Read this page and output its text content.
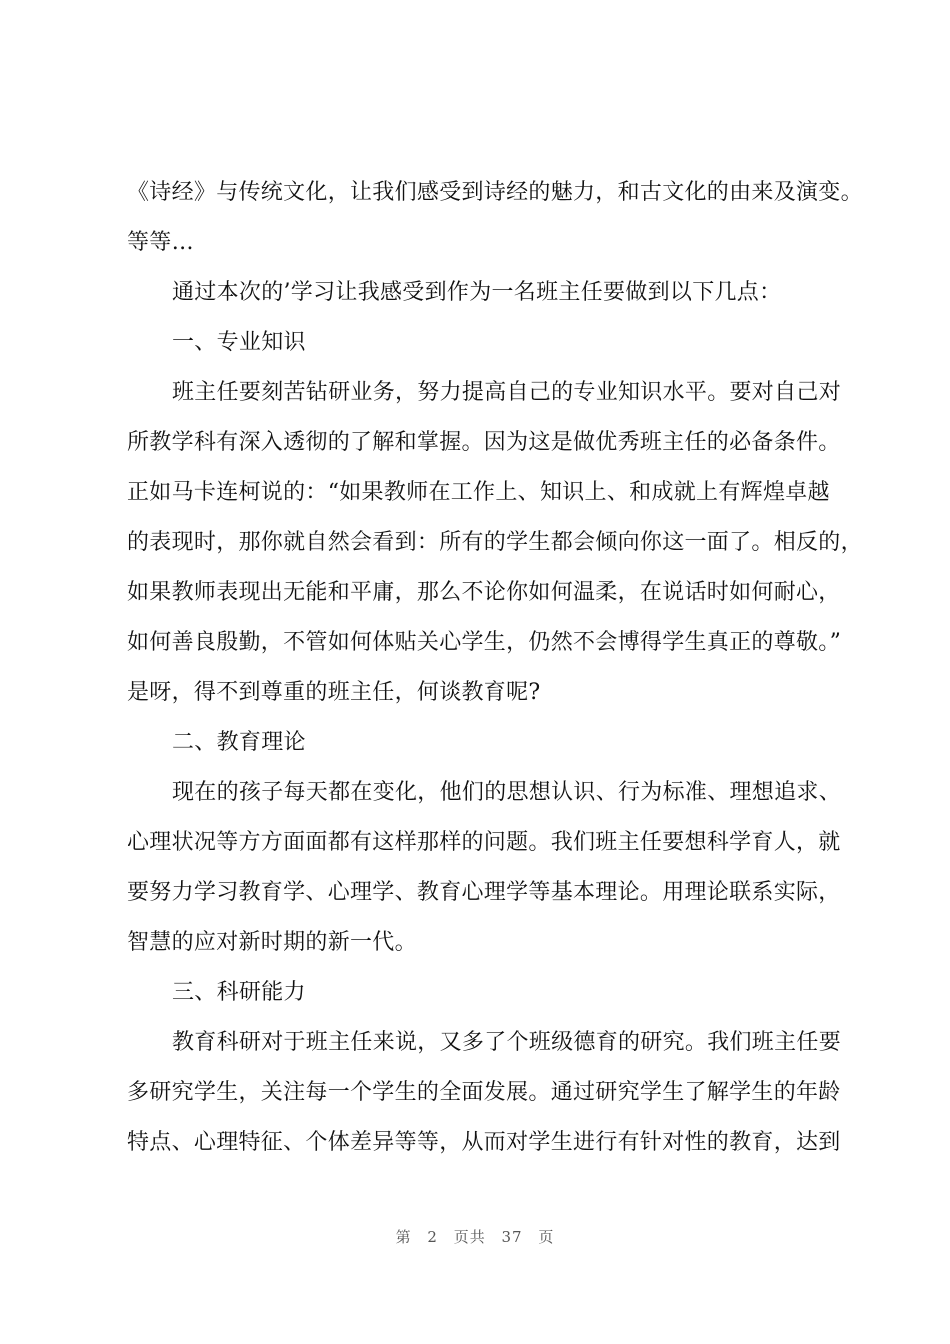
《诗经》与传统文化，让我们感受到诗经的魅力，和古文化的由来及演变。
等等…
通过本次的’学习让我感受到作为一名班主任要做到以下几点：
一、专业知识
班主任要刻苦钻研业务，努力提高自己的专业知识水平。要对自己对
所教学科有深入透彻的了解和掌握。因为这是做优秀班主任的必备条件。
正如马卡连柯说的：“如果教师在工作上、知识上、和成就上有辉煌卓越
的表现时，那你就自然会看到：所有的学生都会倾向你这一面了。相反的，
如果教师表现出无能和平庸，那么不论你如何温柔，在说话时如何耐心，
如何善良殷勤，不管如何体贴关心学生，仍然不会博得学生真正的尊敬。”
是呀，得不到尊重的班主任，何谈教育呢?
二、教育理论
现在的孩子每天都在变化，他们的思想认识、行为标准、理想追求、
心理状况等方方面面都有这样那样的问题。我们班主任要想科学育人，就
要努力学习教育学、心理学、教育心理学等基本理论。用理论联系实际，
智慧的应对新时期的新一代。
三、科研能力
教育科研对于班主任来说，又多了个班级德育的研究。我们班主任要
多研究学生，关注每一个学生的全面发展。通过研究学生了解学生的年龄
特点、心理特征、个体差异等等，从而对学生进行有针对性的教育，达到
第 2 页共 37 页
